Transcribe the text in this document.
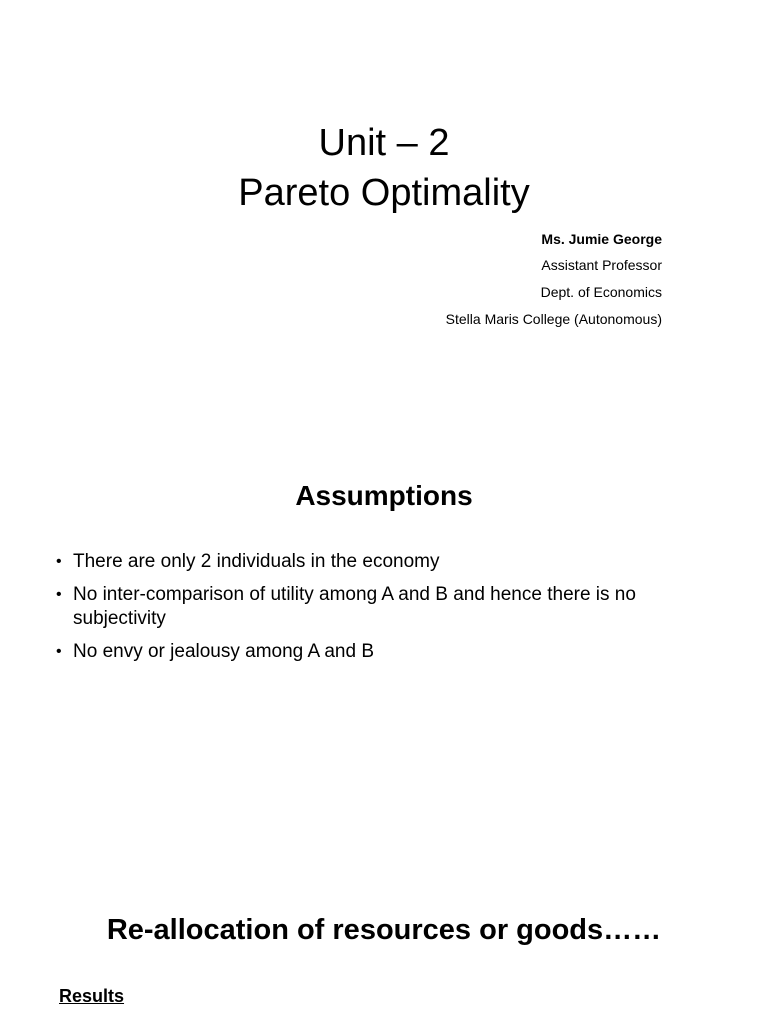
Unit – 2
Pareto Optimality
Ms. Jumie George
Assistant Professor
Dept. of Economics
Stella Maris College (Autonomous)
Assumptions
• There are only 2 individuals in the economy
• No inter-comparison of utility among A and B and hence there is no subjectivity
• No envy or jealousy among A and B
Re-allocation of resources or goods……
Results
